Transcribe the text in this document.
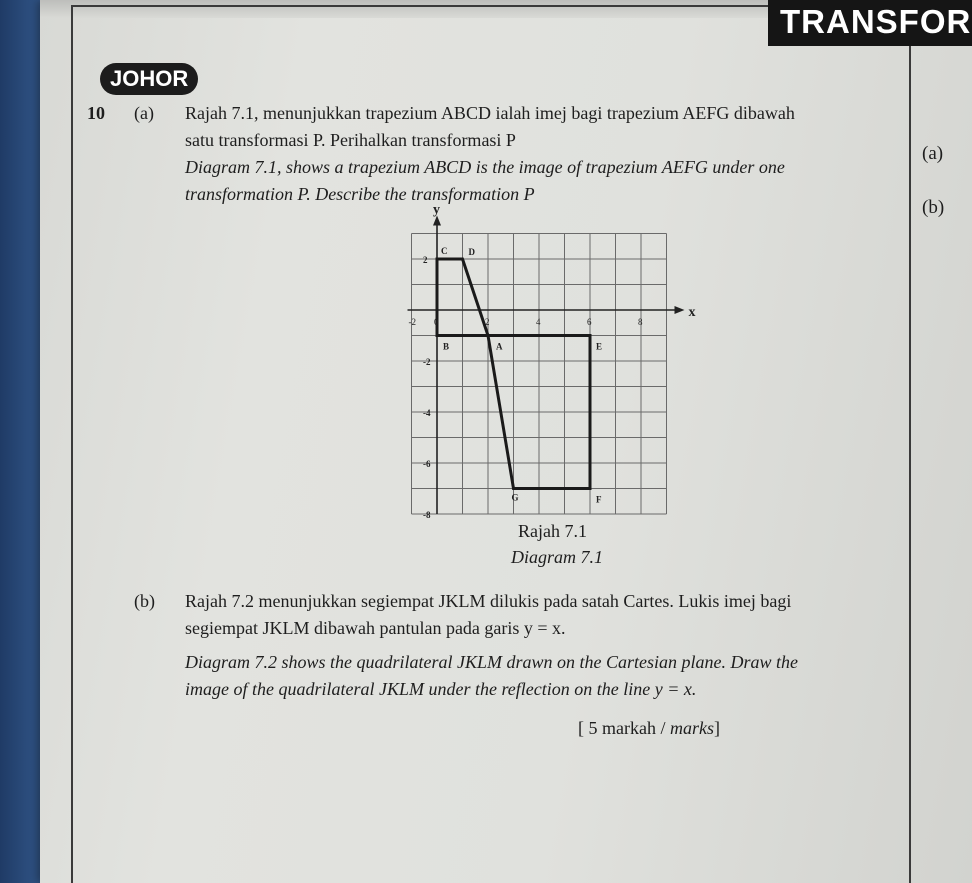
TRANSFOR
JOHOR
10 (a) Rajah 7.1, menunjukkan trapezium ABCD ialah imej bagi trapezium AEFG dibawah
satu transformasi P. Perihalkan transformasi P
Diagram 7.1, shows a trapezium ABCD is the image of trapezium AEFG under one
transformation P. Describe the transformation P
(a)
(b)
x
y
-2 0	2	4	6	8
2
-2
-4
-6
-8
A
B
C D
E
F
G
Rajah 7.1
Diagram 7.1
(b) Rajah 7.2 menunjukkan segiempat JKLM dilukis pada satah Cartes. Lukis imej bagi
segiempat JKLM dibawah pantulan pada garis y = x.
Diagram 7.2 shows the quadrilateral JKLM drawn on the Cartesian plane. Draw the
image of the quadrilateral JKLM under the reflection on the line y = x.
[ 5 markah / marks]
